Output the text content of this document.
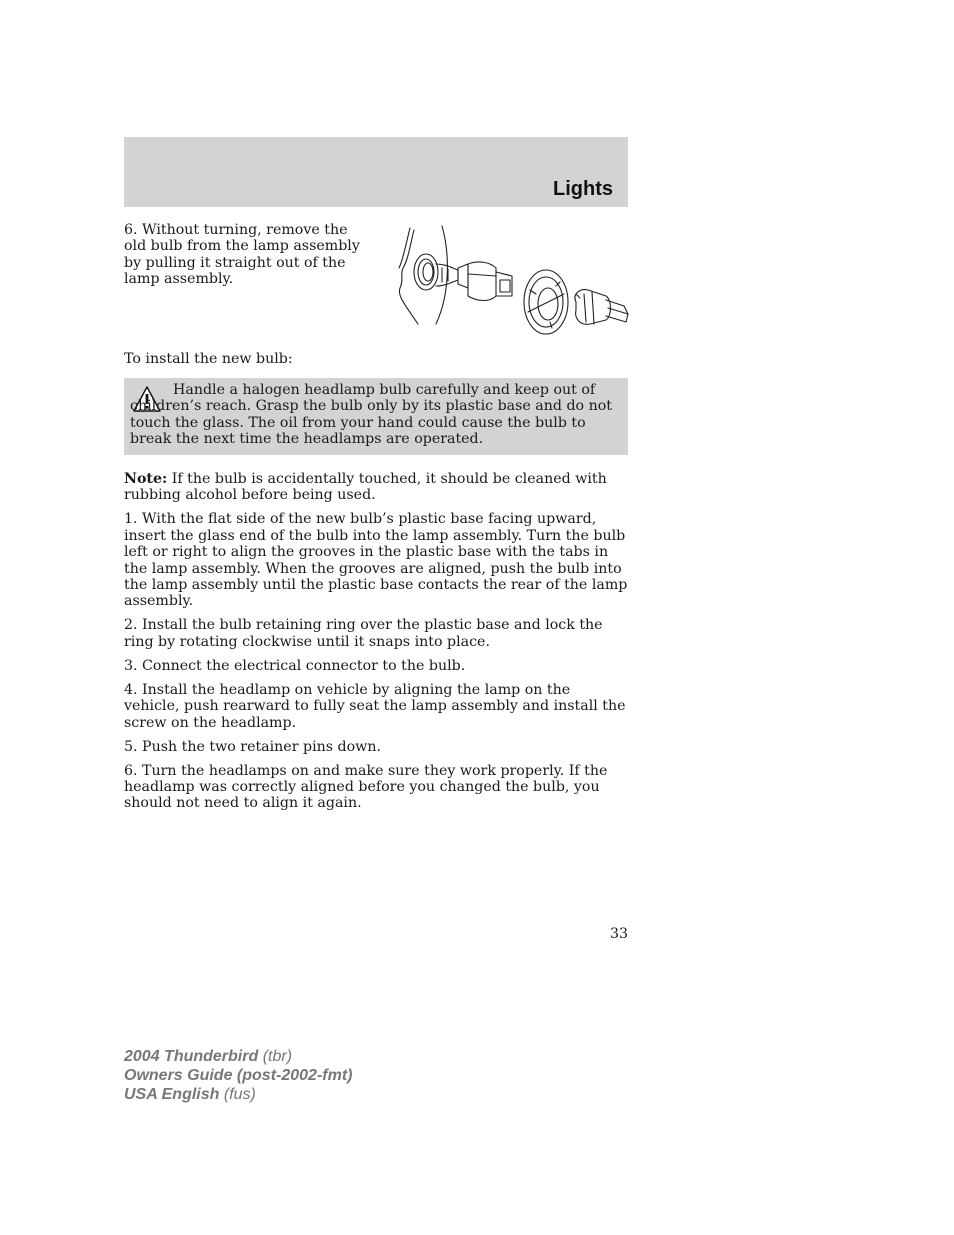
Lights
6. Without turning, remove the old bulb from the lamp assembly by pulling it straight out of the lamp assembly.
To install the new bulb:
Handle a halogen headlamp bulb carefully and keep out of children’s reach. Grasp the bulb only by its plastic base and do not touch the glass. The oil from your hand could cause the bulb to break the next time the headlamps are operated.

Note: If the bulb is accidentally touched, it should be cleaned with rubbing alcohol before being used.

1. With the flat side of the new bulb’s plastic base facing upward, insert the glass end of the bulb into the lamp assembly. Turn the bulb left or right to align the grooves in the plastic base with the tabs in the lamp assembly. When the grooves are aligned, push the bulb into the lamp assembly until the plastic base contacts the rear of the lamp assembly.

2. Install the bulb retaining ring over the plastic base and lock the ring by rotating clockwise until it snaps into place.

3. Connect the electrical connector to the bulb.

4. Install the headlamp on vehicle by aligning the lamp on the vehicle, push rearward to fully seat the lamp assembly and install the screw on the headlamp.

5. Push the two retainer pins down.

6. Turn the headlamps on and make sure they work properly. If the headlamp was correctly aligned before you changed the bulb, you should not need to align it again.

33
2004 Thunderbird (tbr)
Owners Guide (post-2002-fmt)
USA English (fus)
